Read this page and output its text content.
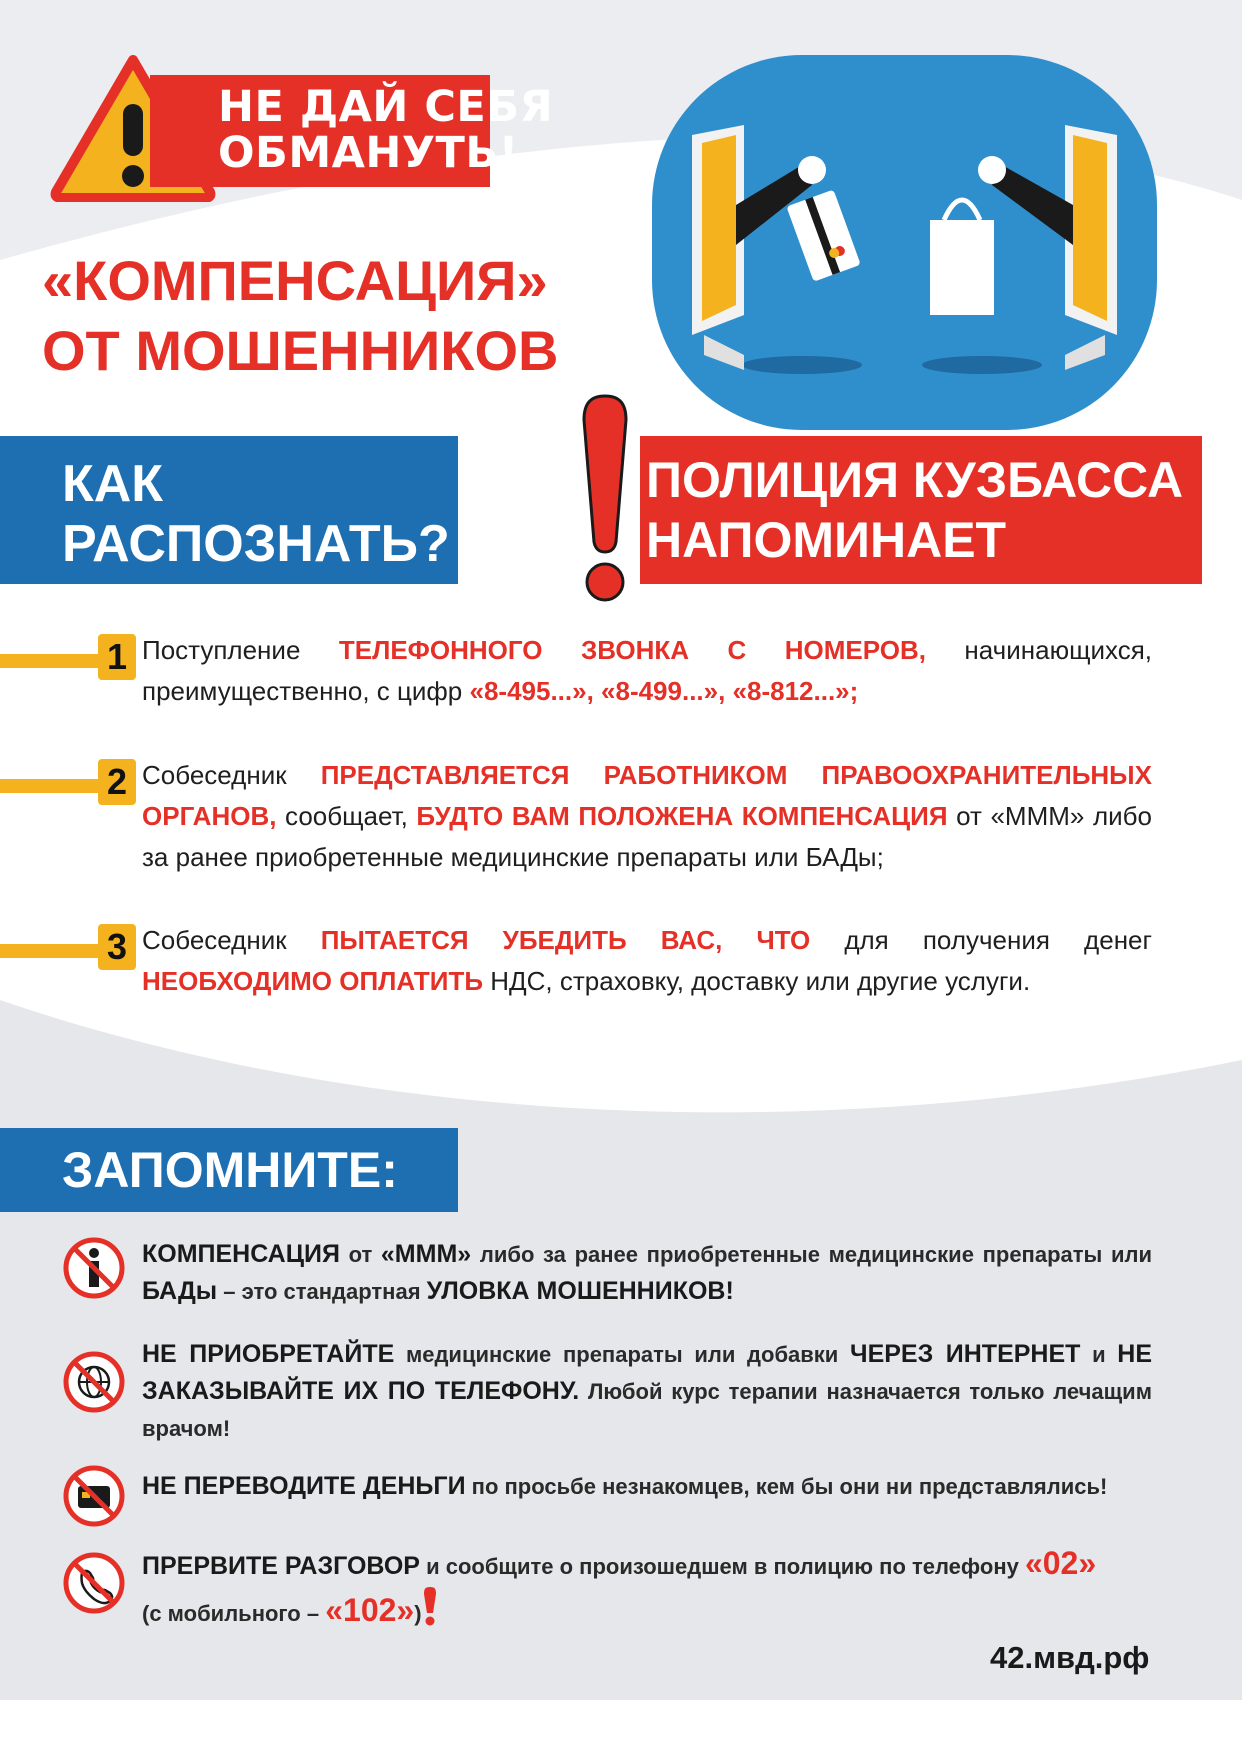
НЕ ДАЙ СЕБЯ
ОБМАНУТЬ!
«КОМПЕНСАЦИЯ»
ОТ МОШЕННИКОВ
КАК
РАСПОЗНАТЬ?
ПОЛИЦИЯ КУЗБАССА
НАПОМИНАЕТ
1 Поступление ТЕЛЕФОННОГО ЗВОНКА С НОМЕРОВ, начинающихся, преимущественно, с цифр «8-495...», «8-499...», «8-812...»;
2 Собеседник ПРЕДСТАВЛЯЕТСЯ РАБОТНИКОМ ПРАВООХРАНИТЕЛЬНЫХ ОРГАНОВ, сообщает, БУДТО ВАМ ПОЛОЖЕНА КОМПЕНСАЦИЯ от «МММ» либо за ранее приобретенные медицинские препараты или БАДы;
3 Собеседник ПЫТАЕТСЯ УБЕДИТЬ ВАС, ЧТО для получения денег НЕОБХОДИМО ОПЛАТИТЬ НДС, страховку, доставку или другие услуги.
ЗАПОМНИТЕ:
КОМПЕНСАЦИЯ от «МММ» либо за ранее приобретенные медицинские препараты или БАДы – это стандартная УЛОВКА МОШЕННИКОВ!
НЕ ПРИОБРЕТАЙТЕ медицинские препараты или добавки ЧЕРЕЗ ИНТЕРНЕТ и НЕ ЗАКАЗЫВАЙТЕ ИХ ПО ТЕЛЕФОНУ. Любой курс терапии назначается только лечащим врачом!
НЕ ПЕРЕВОДИТЕ ДЕНЬГИ по просьбе незнакомцев, кем бы они ни представлялись!
ПРЕРВИТЕ РАЗГОВОР и сообщите о произошедшем в полицию по телефону «02»
(с мобильного – «102»)
42.мвд.рф
